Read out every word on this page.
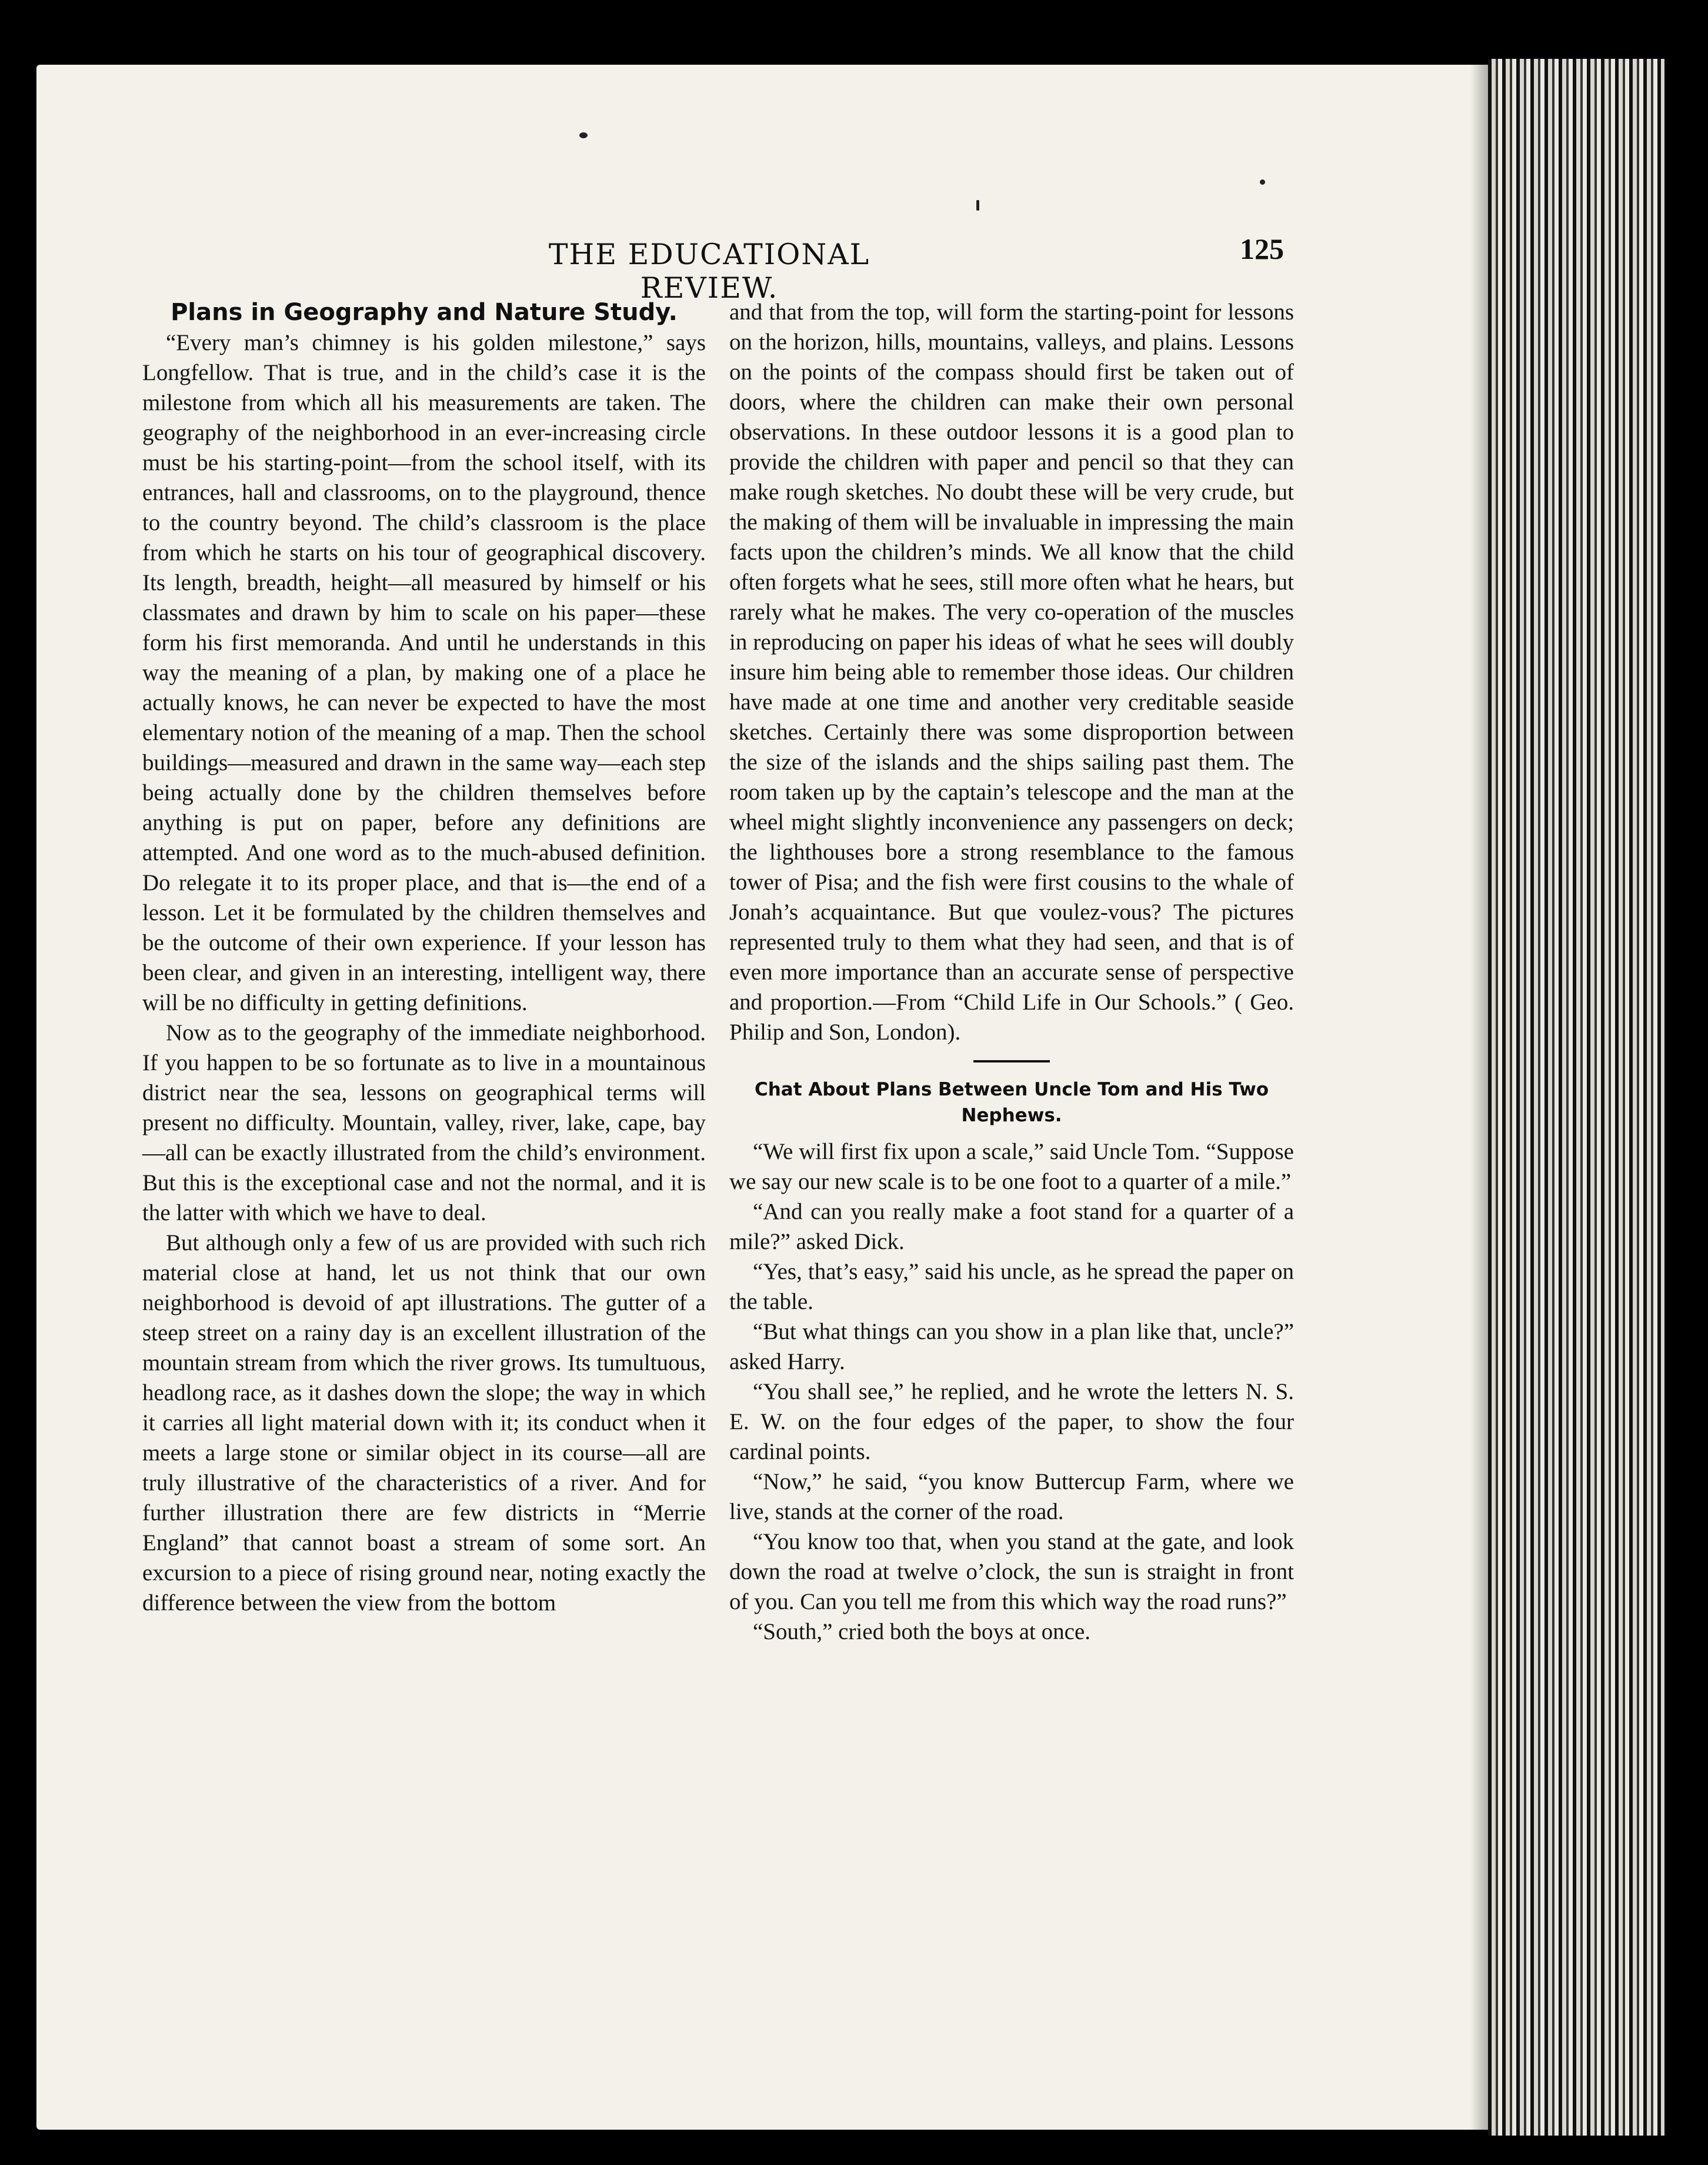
THE EDUCATIONAL REVIEW.
125
Plans in Geography and Nature Study.

“Every man’s chimney is his golden milestone,” says Longfellow. That is true, and in the child’s case it is the milestone from which all his measurements are taken. The geography of the neighborhood in an ever-increasing circle must be his starting-point—from the school itself, with its entrances, hall and classrooms, on to the playground, thence to the country beyond. The child’s classroom is the place from which he starts on his tour of geographical discovery. Its length, breadth, height—all measured by himself or his classmates and drawn by him to scale on his paper—these form his first memoranda. And until he understands in this way the meaning of a plan, by making one of a place he actually knows, he can never be expected to have the most elementary notion of the meaning of a map. Then the school buildings—measured and drawn in the same way—each step being actually done by the children themselves before anything is put on paper, before any definitions are attempted. And one word as to the much-abused definition. Do relegate it to its proper place, and that is—the end of a lesson. Let it be formulated by the children themselves and be the outcome of their own experience. If your lesson has been clear, and given in an interesting, intelligent way, there will be no difficulty in getting definitions.

Now as to the geography of the immediate neighborhood. If you happen to be so fortunate as to live in a mountainous district near the sea, lessons on geographical terms will present no difficulty. Mountain, valley, river, lake, cape, bay—all can be exactly illustrated from the child’s environment. But this is the exceptional case and not the normal, and it is the latter with which we have to deal.

But although only a few of us are provided with such rich material close at hand, let us not think that our own neighborhood is devoid of apt illustrations. The gutter of a steep street on a rainy day is an excellent illustration of the mountain stream from which the river grows. Its tumultuous, headlong race, as it dashes down the slope; the way in which it carries all light material down with it; its conduct when it meets a large stone or similar object in its course—all are truly illustrative of the characteristics of a river. And for further illustration there are few districts in “Merrie England” that cannot boast a stream of some sort. An excursion to a piece of rising ground near, noting exactly the difference between the view from the bottom

and that from the top, will form the starting-point for lessons on the horizon, hills, mountains, valleys, and plains. Lessons on the points of the compass should first be taken out of doors, where the children can make their own personal observations. In these outdoor lessons it is a good plan to provide the children with paper and pencil so that they can make rough sketches. No doubt these will be very crude, but the making of them will be invaluable in impressing the main facts upon the children’s minds. We all know that the child often forgets what he sees, still more often what he hears, but rarely what he makes. The very co-operation of the muscles in reproducing on paper his ideas of what he sees will doubly insure him being able to remember those ideas. Our children have made at one time and another very creditable seaside sketches. Certainly there was some disproportion between the size of the islands and the ships sailing past them. The room taken up by the captain’s telescope and the man at the wheel might slightly inconvenience any passengers on deck; the lighthouses bore a strong resemblance to the famous tower of Pisa; and the fish were first cousins to the whale of Jonah’s acquaintance. But que voulez-vous? The pictures represented truly to them what they had seen, and that is of even more importance than an accurate sense of perspective and proportion.—From “Child Life in Our Schools.” ( Geo. Philip and Son, London).

Chat About Plans Between Uncle Tom and His Two Nephews.

“We will first fix upon a scale,” said Uncle Tom. “Suppose we say our new scale is to be one foot to a quarter of a mile.”

“And can you really make a foot stand for a quarter of a mile?” asked Dick.

“Yes, that’s easy,” said his uncle, as he spread the paper on the table.

“But what things can you show in a plan like that, uncle?” asked Harry.

“You shall see,” he replied, and he wrote the letters N. S. E. W. on the four edges of the paper, to show the four cardinal points.

“Now,” he said, “you know Buttercup Farm, where we live, stands at the corner of the road.

“You know too that, when you stand at the gate, and look down the road at twelve o’clock, the sun is straight in front of you. Can you tell me from this which way the road runs?”

“South,” cried both the boys at once.
